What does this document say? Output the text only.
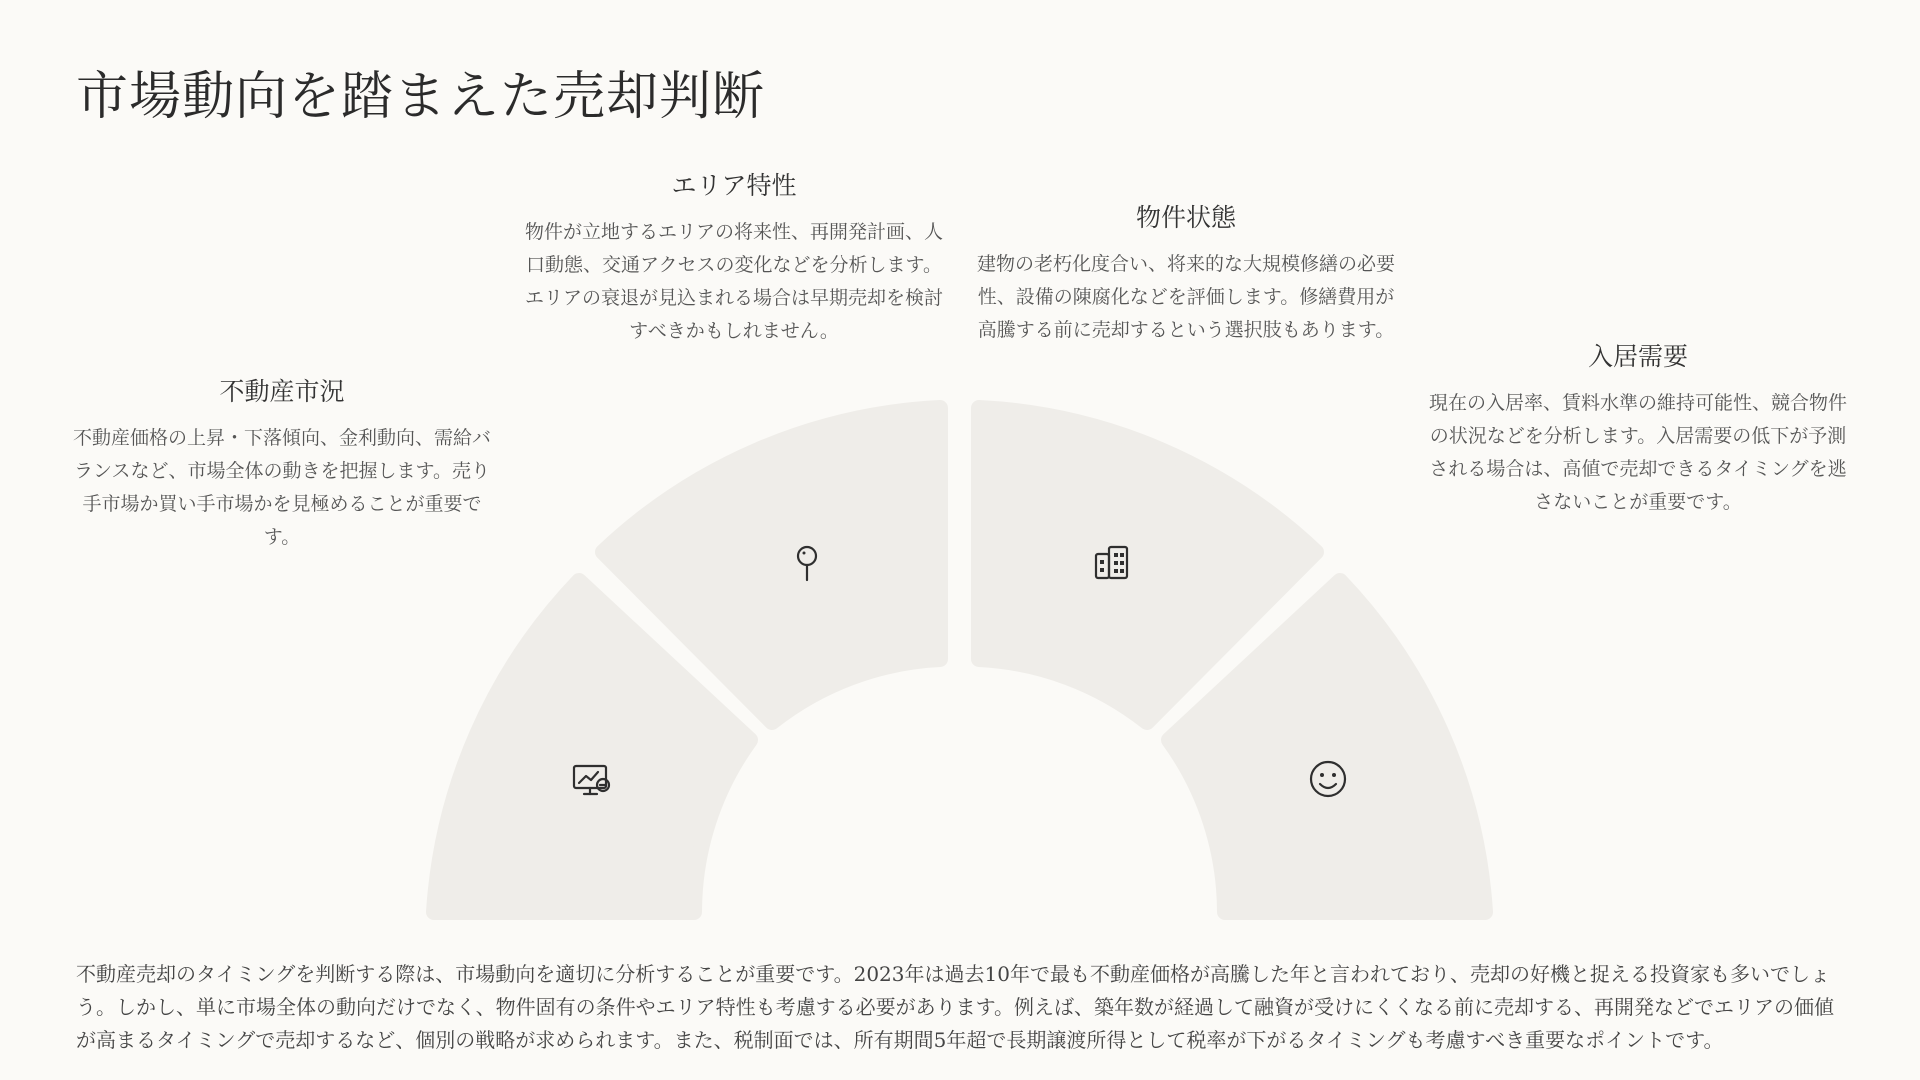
市場動向を踏まえた売却判断
不動産市況

不動産価格の上昇・下落傾向、金利動向、需給バランスなど、市場全体の動きを把握します。売り手市場か買い手市場かを見極めることが重要です。

エリア特性

物件が立地するエリアの将来性、再開発計画、人口動態、交通アクセスの変化などを分析します。エリアの衰退が見込まれる場合は早期売却を検討すべきかもしれません。

物件状態

建物の老朽化度合い、将来的な大規模修繕の必要性、設備の陳腐化などを評価します。修繕費用が高騰する前に売却するという選択肢もあります。

入居需要

現在の入居率、賃料水準の維持可能性、競合物件の状況などを分析します。入居需要の低下が予測される場合は、高値で売却できるタイミングを逃さないことが重要です。

不動産売却のタイミングを判断する際は、市場動向を適切に分析することが重要です。2023年は過去10年で最も不動産価格が高騰した年と言われており、売却の好機と捉える投資家も多いでしょう。しかし、単に市場全体の動向だけでなく、物件固有の条件やエリア特性も考慮する必要があります。例えば、築年数が経過して融資が受けにくくなる前に売却する、再開発などでエリアの価値が高まるタイミングで売却するなど、個別の戦略が求められます。また、税制面では、所有期間5年超で長期譲渡所得として税率が下がるタイミングも考慮すべき重要なポイントです。
